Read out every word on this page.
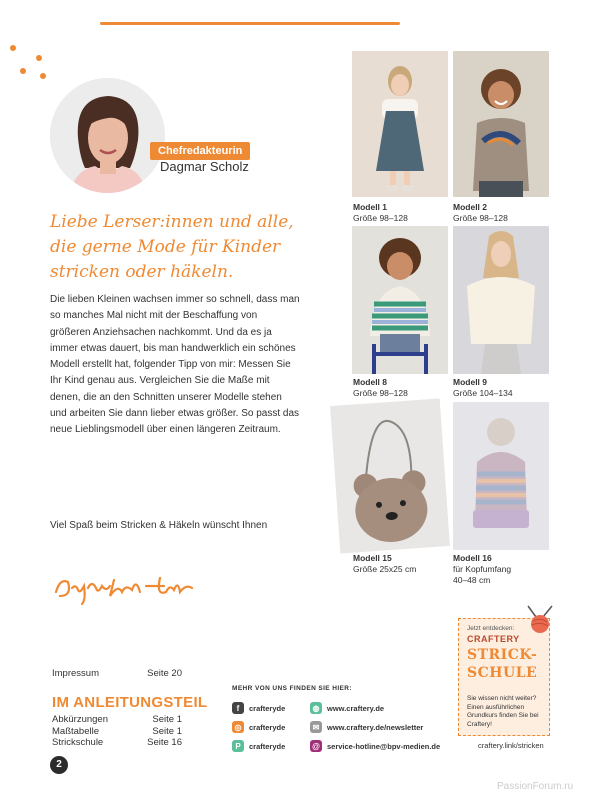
Chefredakteurin
Dagmar Scholz
Liebe Lerser:innen und alle, die gerne Mode für Kinder stricken oder häkeln.
Die lieben Kleinen wachsen immer so schnell, dass man so manches Mal nicht mit der Beschaffung von größeren Anziehsachen nachkommt. Und da es ja immer etwas dauert, bis man handwerklich ein schönes Modell erstellt hat, folgender Tipp von mir: Messen Sie Ihr Kind genau aus. Vergleichen Sie die Maße mit denen, die an den Schnitten unserer Modelle stehen und arbeiten Sie dann lieber etwas größer. So passt das neue Lieblingsmodell über einen längeren Zeitraum.
Viel Spaß beim Stricken & Häkeln wünscht Ihnen
Modell 1
Größe 98–128
Modell 2
Größe 98–128
Modell 8
Größe 98–128
Modell 9
Größe 104–134
Modell 15
Größe 25x25 cm
Modell 16
für Kopfumfang
40–48 cm
Impressum	Seite 20
IM ANLEITUNGSTEIL
Abkürzungen	Seite 1
Maßtabelle	Seite 1
Strickschule	Seite 16
2
MEHR VON UNS FINDEN SIE HIER:
f	crafteryde
◎	crafteryde
P	crafteryde
◍	www.craftery.de
✉	www.craftery.de/newsletter
@ service-hotline@bpv-medien.de
Jetzt entdecken:
CRAFTERY
STRICK-
SCHULE
Sie wissen nicht weiter? Einen ausführlichen Grundkurs finden Sie bei Craftery!
craftery.link/stricken
PassionForum.ru
